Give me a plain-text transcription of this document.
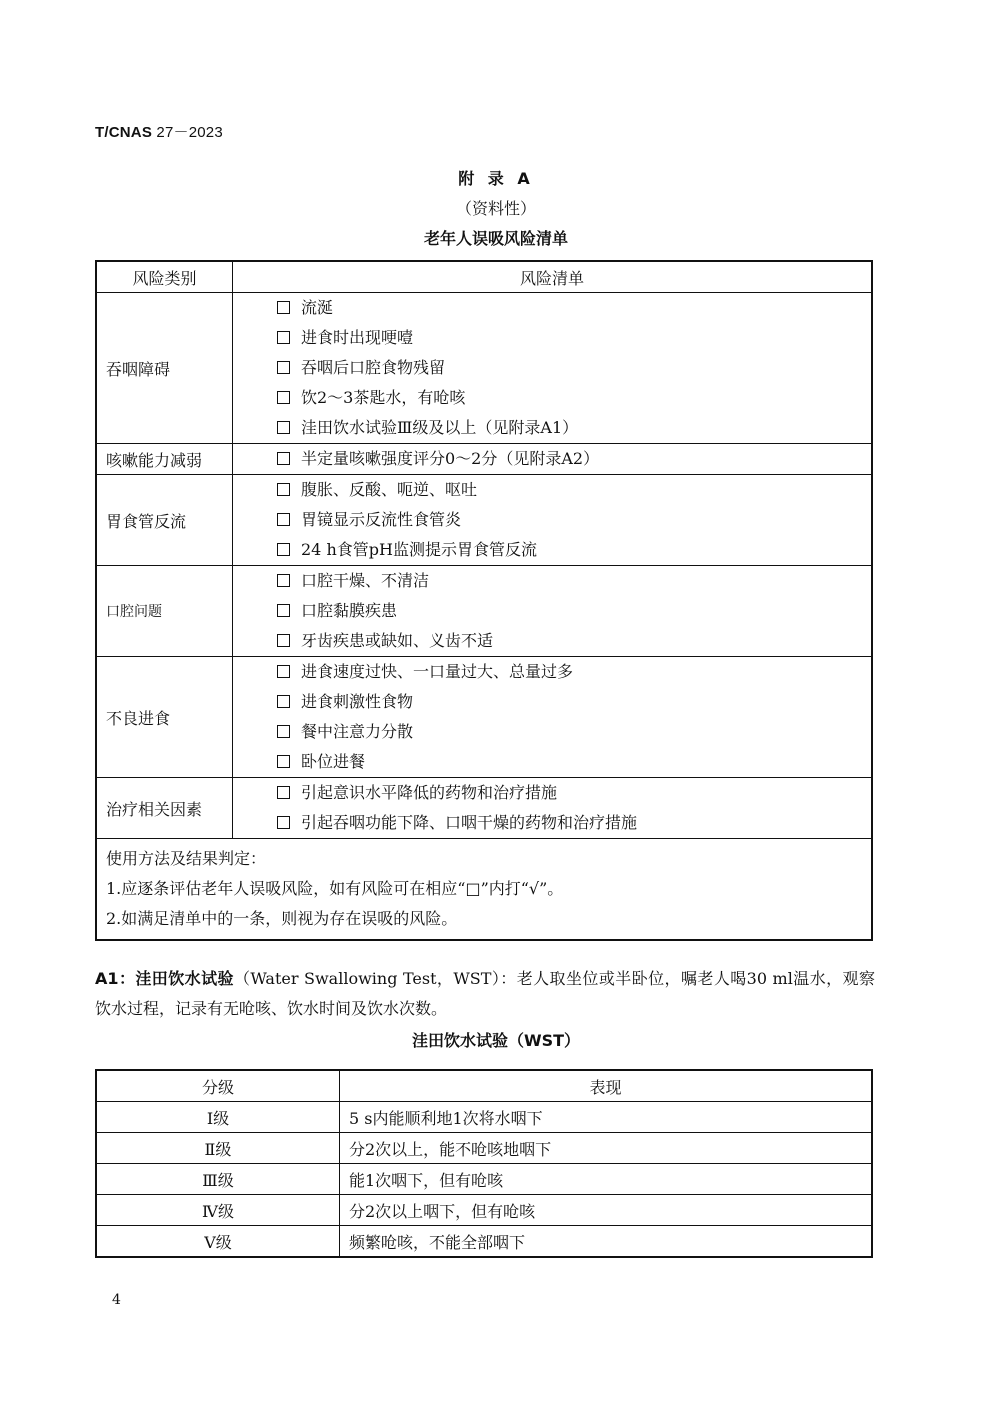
T/CNAS 27－2023
附 录 A
（资料性）
老年人误吸风险清单
风险类别	风险清单
吞咽障碍	流涎
进食时出现哽噎
吞咽后口腔食物残留
饮2～3茶匙水，有呛咳
洼田饮水试验Ⅲ级及以上（见附录A1）

咳嗽能力减弱	半定量咳嗽强度评分0～2分（见附录A2）

胃食管反流	腹胀、反酸、呃逆、呕吐
胃镜显示反流性食管炎
24 h食管pH监测提示胃食管反流

口腔问题	口腔干燥、不清洁
口腔黏膜疾患
牙齿疾患或缺如、义齿不适

不良进食	进食速度过快、一口量过大、总量过多
进食刺激性食物
餐中注意力分散
卧位进餐

治疗相关因素	引起意识水平降低的药物和治疗措施
引起吞咽功能下降、口咽干燥的药物和治疗措施

使用方法及结果判定：
1.应逐条评估老年人误吸风险，如有风险可在相应“□”内打“√”。
2.如满足清单中的一条，则视为存在误吸的风险。	
A1：洼田饮水试验（Water Swallowing Test，WST）：老人取坐位或半卧位，嘱老人喝30 ml温水，观察饮水过程，记录有无呛咳、饮水时间及饮水次数。
洼田饮水试验（WST）
分级	表现
Ⅰ级	5 s内能顺利地1次将水咽下
Ⅱ级	分2次以上，能不呛咳地咽下
Ⅲ级	能1次咽下，但有呛咳
Ⅳ级	分2次以上咽下，但有呛咳
Ⅴ级	频繁呛咳，不能全部咽下
4
